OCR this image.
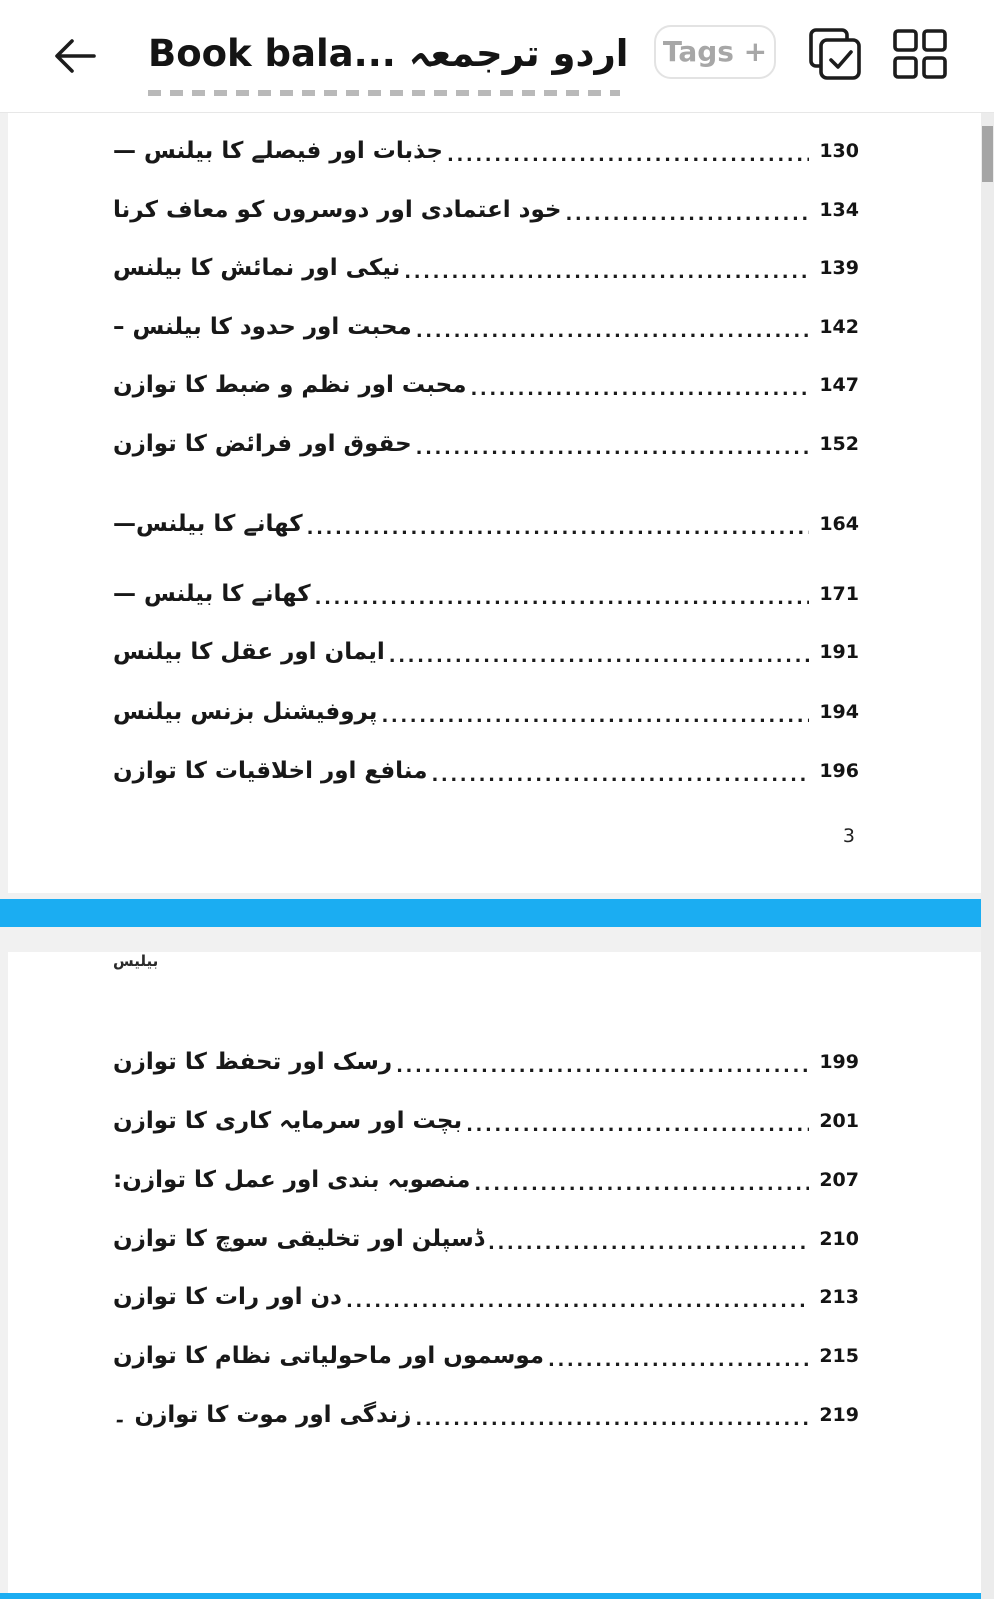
Book bala... اردو ترجمعہ	Tags +
جذبات اور فیصلے کا بیلنس — .....	130
خود اعتمادی اور دوسروں کو معاف کرنا .....	134
نیکی اور نمائش کا بیلنس .....	139
محبت اور حدود کا بیلنس – .....	142
محبت اور نظم و ضبط کا توازن .....	147
حقوق اور فرائض کا توازن .....	152
کھانے کا بیلنس— .....	164
کھانے کا بیلنس — .....	171
ایمان اور عقل کا بیلنس .....	191
پروفیشنل بزنس بیلنس .....	194
منافع اور اخلاقیات کا توازن .....	196
3
بیلیس
رسک اور تحفظ کا توازن .....	199
بچت اور سرمایہ کاری کا توازن .....	201
منصوبہ بندی اور عمل کا توازن: .....	207
ڈسپلن اور تخلیقی سوچ کا توازن .....	210
دن اور رات کا توازن .....	213
موسموں اور ماحولیاتی نظام کا توازن .....	215
زندگی اور موت کا توازن ۔ .....	219
